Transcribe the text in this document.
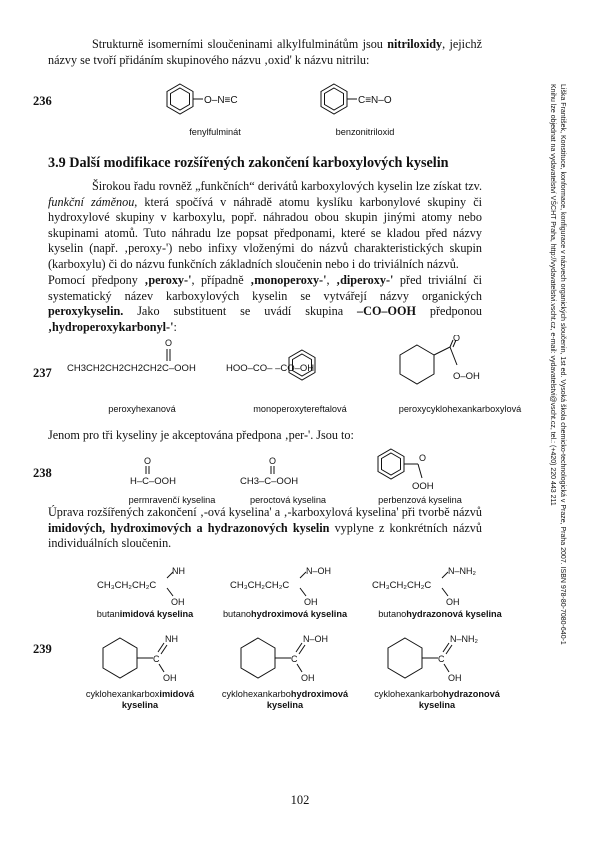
Strukturně isomerními sloučeninami alkylfulminátům jsou nitriloxidy, jejichž názvy se tvoří přidáním skupinového názvu ‚oxid' k názvu nitrilu:
236	O–N≡C	C≡N–O
fenylfulminát	benzonitriloxid
3.9 Další modifikace rozšířených zakončení karboxylových kyselin
Širokou řadu rovněž „funkčních“ derivátů karboxylových kyselin lze získat tzv. funkční záměnou, která spočívá v náhradě atomu kyslíku karbonylové skupiny či hydroxylové skupiny v karboxylu, popř. náhradou obou skupin jinými atomy nebo skupinami atomů. Tuto náhradu lze popsat předponami, které se kladou před názvy kyselin (např. ‚peroxy-') nebo infixy vloženými do názvů charakteristických skupin (karboxylu) či do názvu funkčních základních sloučenin nebo i do triviálních názvů.
Pomocí předpony ‚peroxy-', případně ‚monoperoxy-', ‚diperoxy-' před triviální či systematický název karboxylových kyselin se vytvářejí názvy organických peroxykyselin. Jako substituent se uvádí skupina –CO–OOH předponou ‚hydroperoxykarbonyl-':
237
O
CH3CH2CH2CH2CH2C–OOH	HOO–CO– –CO–OH
O
O–OH
peroxyhexanová	monoperoxytereftalová	peroxycyklohexankarboxylová
Jenom pro tři kyseliny je akceptována předpona ‚per-'. Jsou to:
238
O
H–C–OOH
O
CH3–C–OOH
O
OOH
permravenčí kyselina	peroctová kyselina	perbenzová kyselina
Úprava rozšířených zakončení ‚-ová kyselina' a ‚-karboxylová kyselina' při tvorbě názvů imidových, hydroximových a hydrazonových kyselin vyplyne z konkrétních názvů individuálních sloučenin.
NH
CH₃CH₂CH₂C
OH
N–OH
CH₃CH₂CH₂C
OH
N–NH₂
CH₃CH₂CH₂C
OH
butanimidová kyselina	butanohydroximová kyselina	butanohydrazonová kyselina
239
C
NH
OH
C
N–OH
OH
C
N–NH₂
OH
cyklohexankarboximidová
kyselina
cyklohexankarbohydroximová
kyselina
cyklohexankarbohydrazonová
kyselina
Liška František, Konstituce, konformace, konfigurace v názvech organických sloučenin, 1st ed. Vysoká škola chemicko-technologická v Praze, Praha 2007. ISBN 978-80-7080-640-1
Knihu lze objednat na vydavatelství VŠCHT Praha, http://vydavatelstvi.vscht.cz, e-mail: vydavatelstvi@vscht.cz, tel.: (+420) 220 443 211
102
